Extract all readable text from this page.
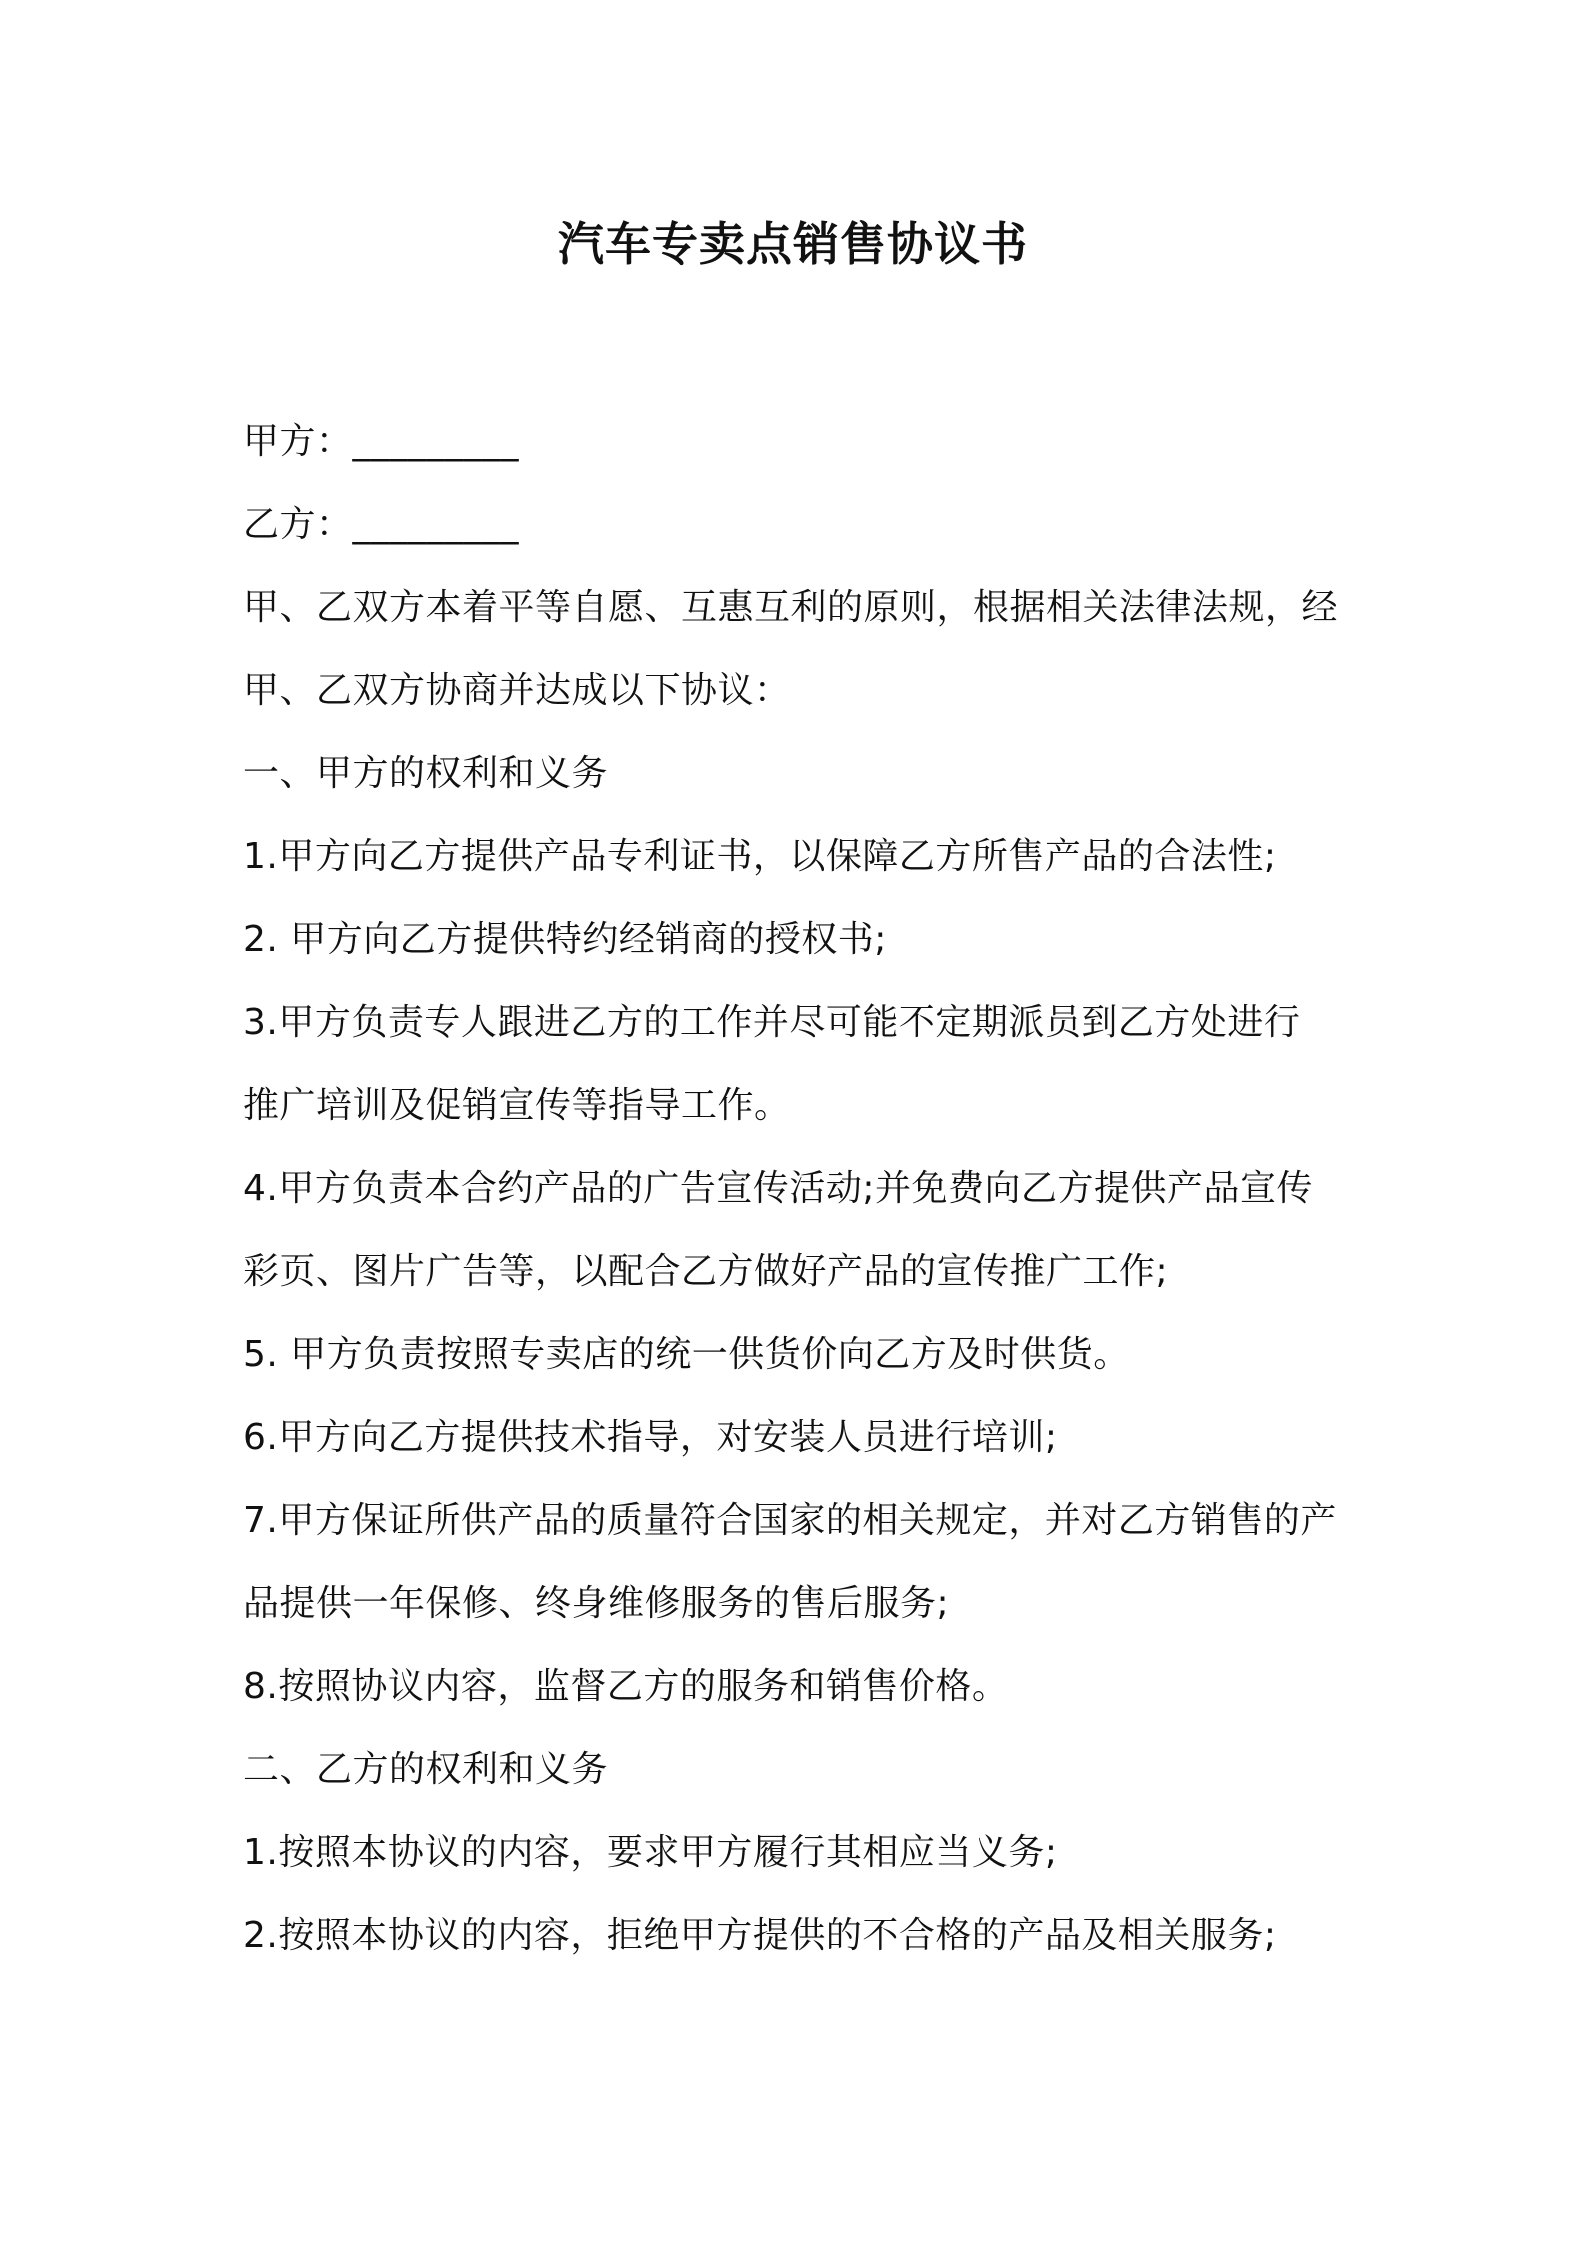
汽车专卖点销售协议书
甲方：_________
乙方：_________
甲、乙双方本着平等自愿、互惠互利的原则，根据相关法律法规，经
甲、乙双方协商并达成以下协议：
一、甲方的权利和义务
1.甲方向乙方提供产品专利证书，以保障乙方所售产品的合法性;
2. 甲方向乙方提供特约经销商的授权书;
3.甲方负责专人跟进乙方的工作并尽可能不定期派员到乙方处进行
推广培训及促销宣传等指导工作。
4.甲方负责本合约产品的广告宣传活动;并免费向乙方提供产品宣传
彩页、图片广告等，以配合乙方做好产品的宣传推广工作;
5. 甲方负责按照专卖店的统一供货价向乙方及时供货。
6.甲方向乙方提供技术指导，对安装人员进行培训;
7.甲方保证所供产品的质量符合国家的相关规定，并对乙方销售的产
品提供一年保修、终身维修服务的售后服务;
8.按照协议内容，监督乙方的服务和销售价格。
二、乙方的权利和义务
1.按照本协议的内容，要求甲方履行其相应当义务;
2.按照本协议的内容，拒绝甲方提供的不合格的产品及相关服务;
